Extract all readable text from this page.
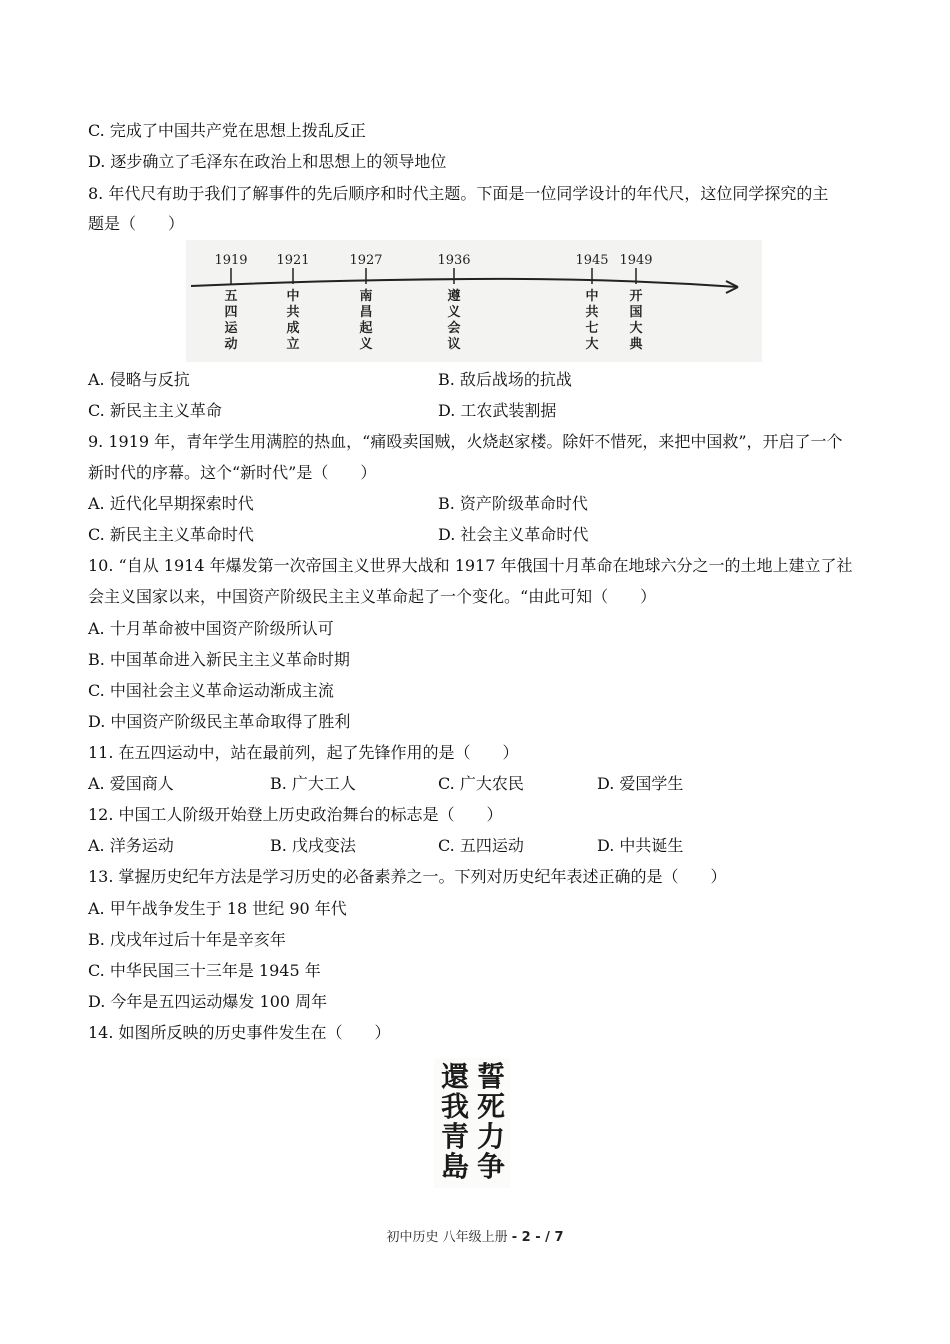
C. 完成了中国共产党在思想上拨乱反正
D. 逐步确立了毛泽东在政治上和思想上的领导地位
8. 年代尺有助于我们了解事件的先后顺序和时代主题。下面是一位同学设计的年代尺，这位同学探究的主
题是（　　）
1919
五四运动
1921
中共成立
1927
南昌起义
1936
遵义会议
1945
中共七大
1949
开国大典
A. 侵略与反抗	B. 敌后战场的抗战
C. 新民主主义革命	D. 工农武装割据
9. 1919 年，青年学生用满腔的热血，“痛殴卖国贼，火烧赵家楼。除奸不惜死，来把中国救”，开启了一个
新时代的序幕。这个“新时代”是（　　）
A. 近代化早期探索时代	B. 资产阶级革命时代
C. 新民主主义革命时代	D. 社会主义革命时代
10. “自从 1914 年爆发第一次帝国主义世界大战和 1917 年俄国十月革命在地球六分之一的土地上建立了社
会主义国家以来，中国资产阶级民主主义革命起了一个变化。“由此可知（　　）
A. 十月革命被中国资产阶级所认可
B. 中国革命进入新民主主义革命时期
C. 中国社会主义革命运动渐成主流
D. 中国资产阶级民主革命取得了胜利
11. 在五四运动中，站在最前列，起了先锋作用的是（　　）
A. 爱国商人	B. 广大工人	C. 广大农民	D. 爱国学生
12. 中国工人阶级开始登上历史政治舞台的标志是（　　）
A. 洋务运动	B. 戊戌变法	C. 五四运动	D. 中共诞生
13. 掌握历史纪年方法是学习历史的必备素养之一。下列对历史纪年表述正确的是（　　）
A. 甲午战争发生于 18 世纪 90 年代
B. 戊戌年过后十年是辛亥年
C. 中华民国三十三年是 1945 年
D. 今年是五四运动爆发 100 周年
14. 如图所反映的历史事件发生在（　　）
還
我
青
島
誓
死
力
争
初中历史 八年级上册 - 2 - / 7
